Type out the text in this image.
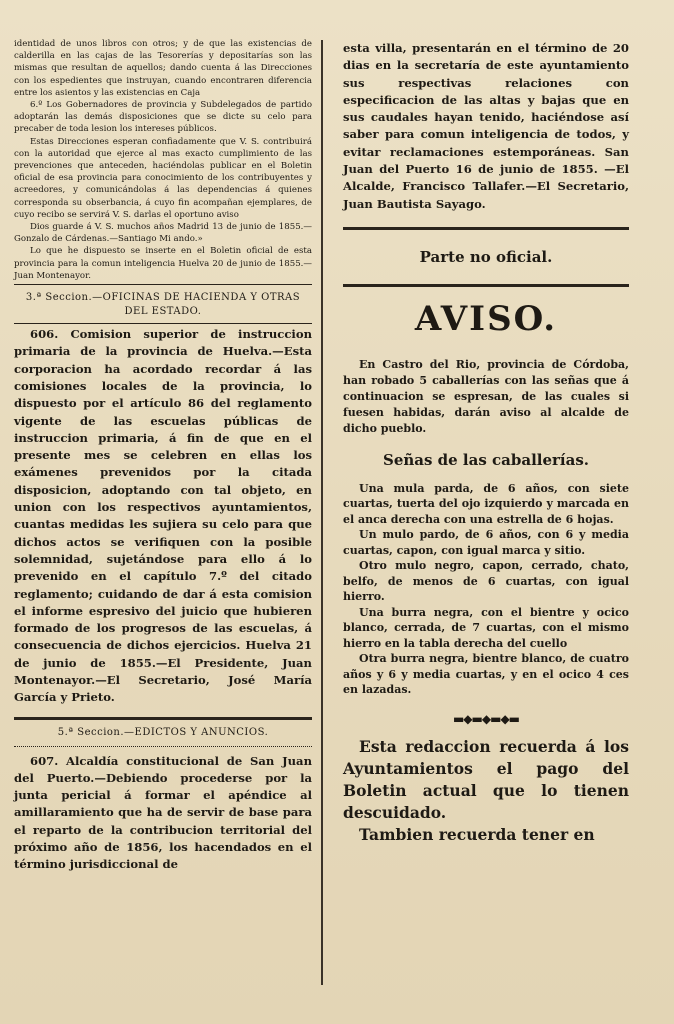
identidad de unos libros con otros; y de que las existencias de calderilla en las cajas de las Tesorerías y depositarías son las mismas que resultan de aquellos; dando cuenta á las Direcciones con los espedientes que instruyan, cuando encontraren diferencia entre los asientos y las existencias en Caja

6.º Los Gobernadores de provincia y Subdelegados de partido adoptarán las demás disposiciones que se dicte su celo para precaber de toda lesion los intereses públicos.

Estas Direcciones esperan confiadamente que V. S. contribuirá con la autoridad que ejerce al mas exacto cumplimiento de las prevenciones que anteceden, haciéndolas publicar en el Boletin oficial de esa provincia para conocimiento de los contribuyentes y acreedores, y comunicándolas á las dependencias á quienes corresponda su obserbancia, á cuyo fin acompañan ejemplares, de cuyo recibo se servirá V. S. darlas el oportuno aviso

Dios guarde á V. S. muchos años Madrid 13 de junio de 1855.—Gonzalo de Cárdenas.—Santiago Mi ando.»

Lo que he dispuesto se inserte en el Boletin oficial de esta provincia para la comun inteligencia Huelva 20 de junio de 1855.—Juan Montenayor.

3.ª Seccion.—OFICINAS DE HACIENDA Y OTRAS DEL ESTADO.

606. Comision superior de instruccion primaria de la provincia de Huelva.—Esta corporacion ha acordado recordar á las comisiones locales de la provincia, lo dispuesto por el artículo 86 del reglamento vigente de las escuelas públicas de instruccion primaria, á fin de que en el presente mes se celebren en ellas los exámenes prevenidos por la citada disposicion, adoptando con tal objeto, en union con los respectivos ayuntamientos, cuantas medidas les sujiera su celo para que dichos actos se verifiquen con la posible solemnidad, sujetándose para ello á lo prevenido en el capítulo 7.º del citado reglamento; cuidando de dar á esta comision el informe espresivo del juicio que hubieren formado de los progresos de las escuelas, á consecuencia de dichos ejercicios. Huelva 21 de junio de 1855.—El Presidente, Juan Montenayor.—El Secretario, José María García y Prieto.

5.ª Seccion.—EDICTOS Y ANUNCIOS.

607. Alcaldía constitucional de San Juan del Puerto.—Debiendo procederse por la junta pericial á formar el apéndice al amillaramiento que ha de servir de base para el reparto de la contribucion territorial del próximo año de 1856, los hacendados en el término jurisdiccional de

esta villa, presentarán en el término de 20 dias en la secretaría de este ayuntamiento sus respectivas relaciones con especificacion de las altas y bajas que en sus caudales hayan tenido, haciéndose así saber para comun inteligencia de todos, y evitar reclamaciones estemporáneas. San Juan del Puerto 16 de junio de 1855. —El Alcalde, Francisco Tallafer.—El Secretario, Juan Bautista Sayago.

Parte no oficial.
AVISO.

En Castro del Rio, provincia de Córdoba, han robado 5 caballerías con las señas que á continuacion se espresan, de las cuales si fuesen habidas, darán aviso al alcalde de dicho pueblo.

Señas de las caballerías.

Una mula parda, de 6 años, con siete cuartas, tuerta del ojo izquierdo y marcada en el anca derecha con una estrella de 6 hojas.

Un mulo pardo, de 6 años, con 6 y media cuartas, capon, con igual marca y sitio.

Otro mulo negro, capon, cerrado, chato, belfo, de menos de 6 cuartas, con igual hierro.

Una burra negra, con el bientre y ocico blanco, cerrada, de 7 cuartas, con el mismo hierro en la tabla derecha del cuello

Otra burra negra, bientre blanco, de cuatro años y 6 y media cuartas, y en el ocico 4 ces en lazadas.

▬◆▬◆▬◆▬

Esta redaccion recuerda á los Ayuntamientos el pago del Boletin actual que lo tienen descuidado.

Tambien recuerda tener en
